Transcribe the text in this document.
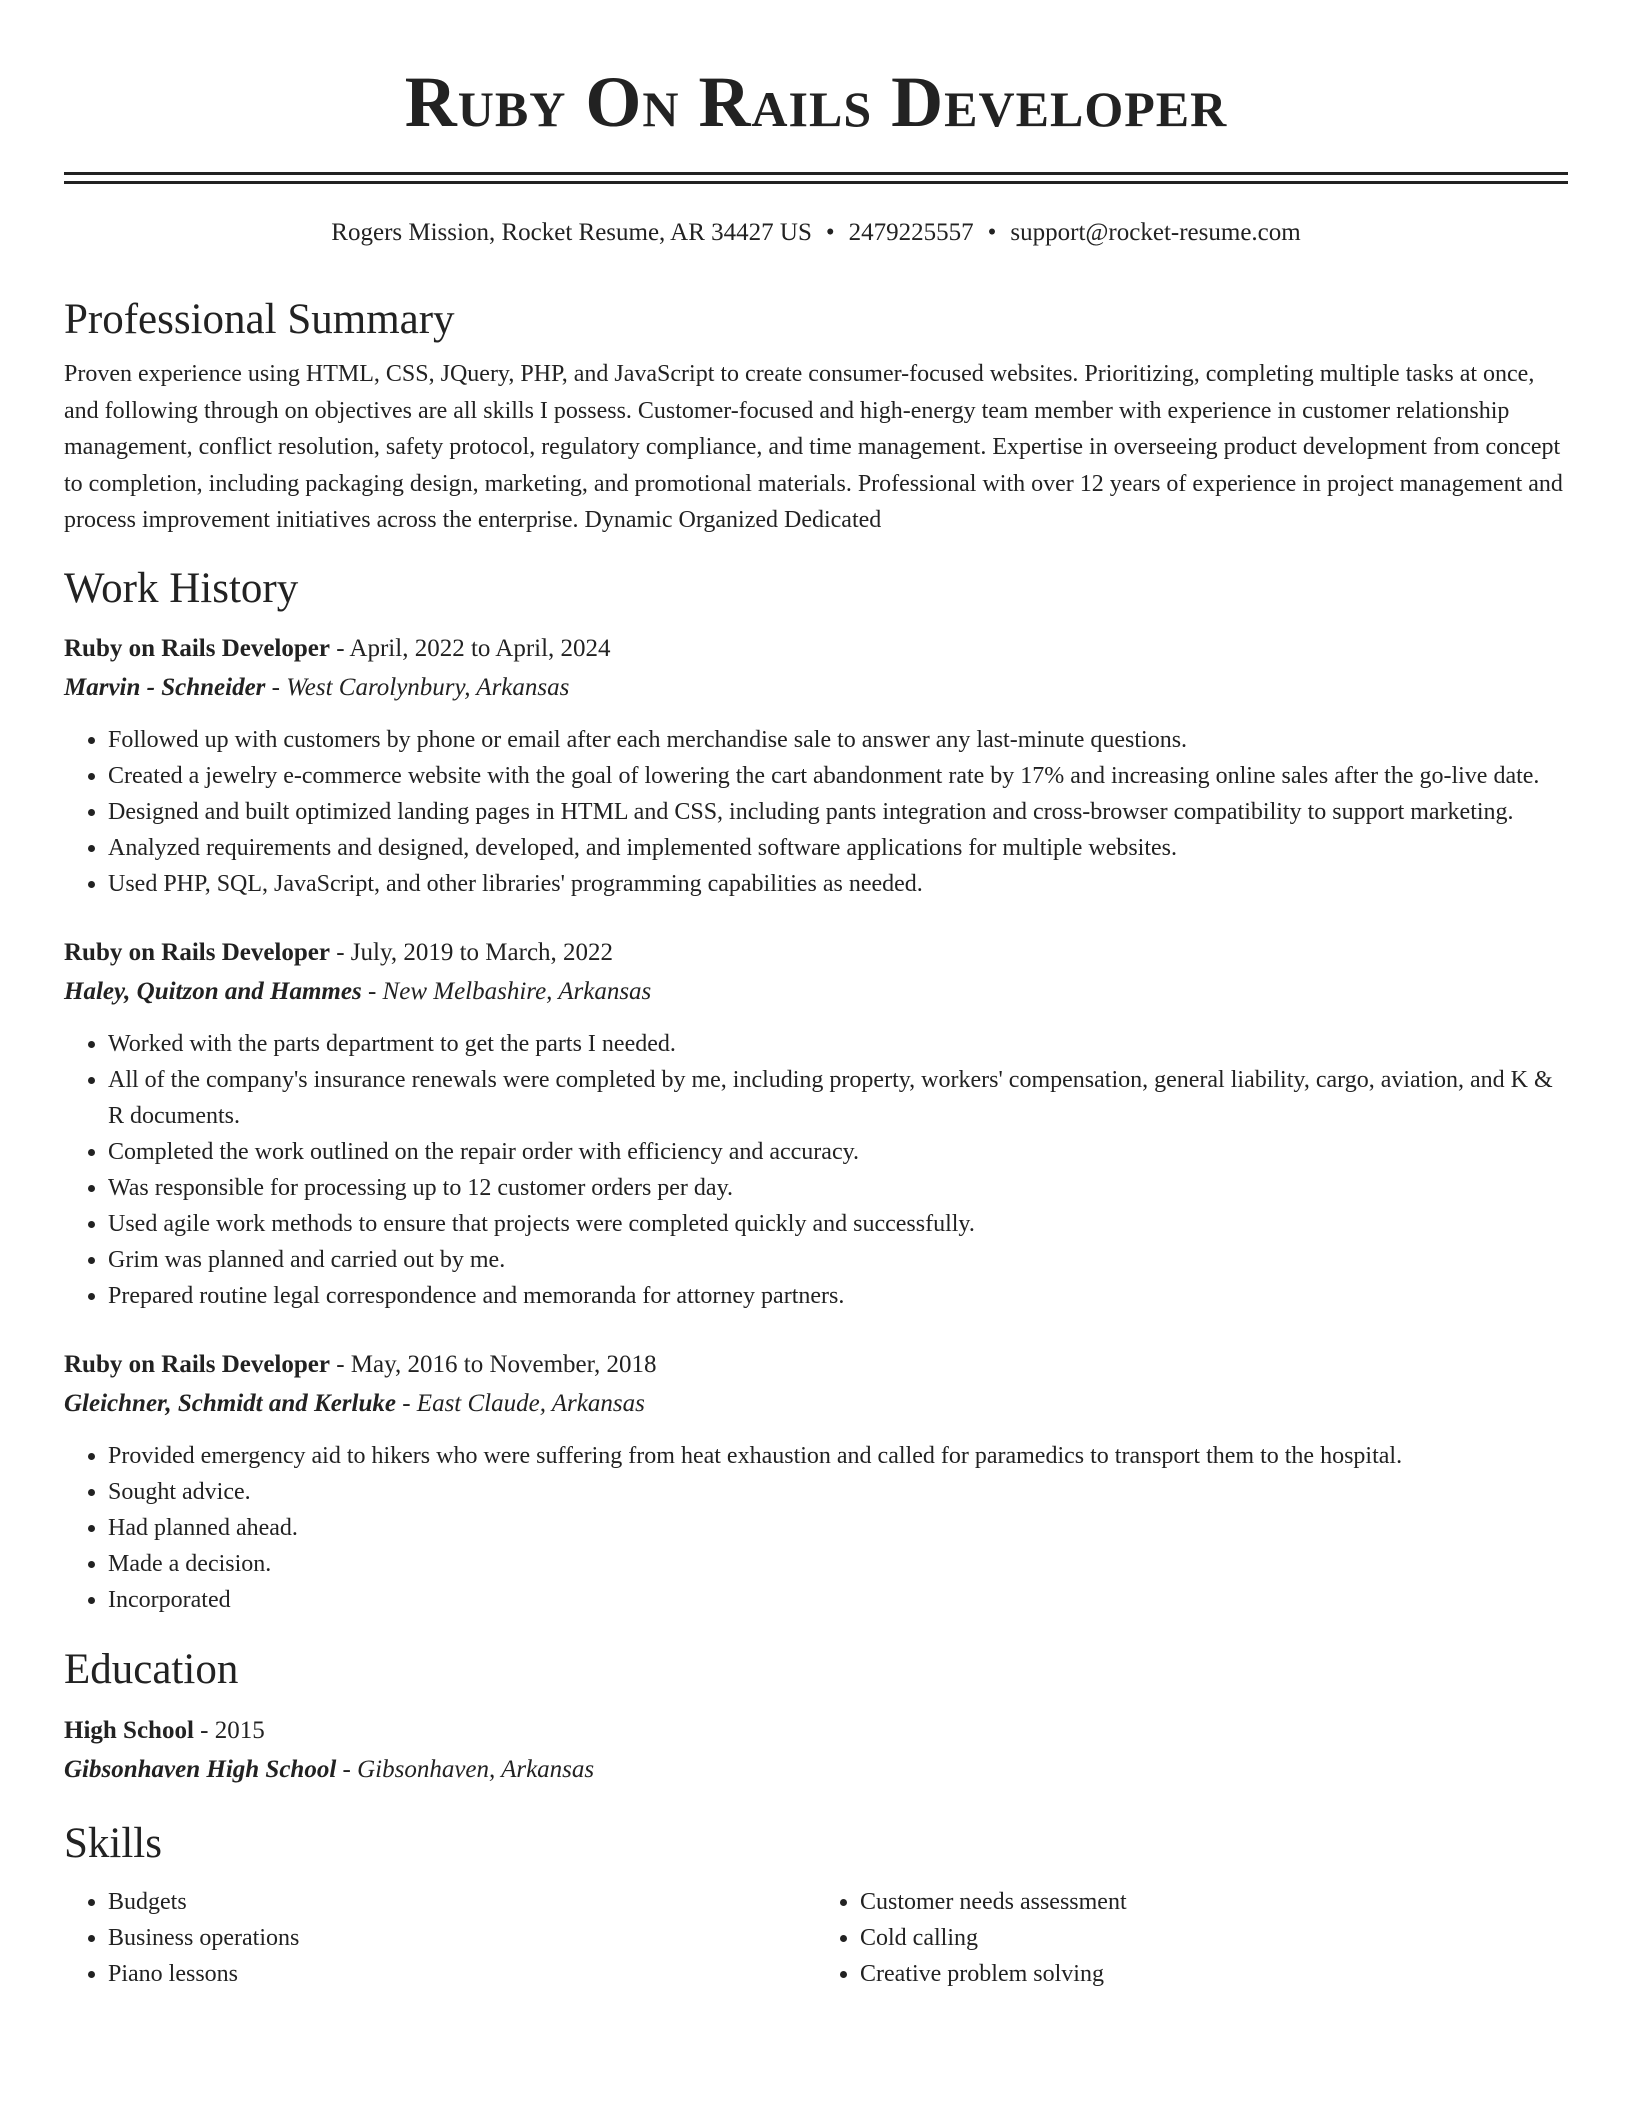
Ruby On Rails Developer
Rogers Mission, Rocket Resume, AR 34427 US • 2479225557 • support@rocket-resume.com
Professional Summary

Proven experience using HTML, CSS, JQuery, PHP, and JavaScript to create consumer-focused websites. Prioritizing, completing multiple tasks at once, and following through on objectives are all skills I possess. Customer-focused and high-energy team member with experience in customer relationship management, conflict resolution, safety protocol, regulatory compliance, and time management. Expertise in overseeing product development from concept to completion, including packaging design, marketing, and promotional materials. Professional with over 12 years of experience in project management and process improvement initiatives across the enterprise. Dynamic Organized Dedicated

Work History
Ruby on Rails Developer - April, 2022 to April, 2024
Marvin - Schneider - West Carolynbury, Arkansas
• Followed up with customers by phone or email after each merchandise sale to answer any last-minute questions.
• Created a jewelry e-commerce website with the goal of lowering the cart abandonment rate by 17% and increasing online sales after the go-live date.
• Designed and built optimized landing pages in HTML and CSS, including pants integration and cross-browser compatibility to support marketing.
• Analyzed requirements and designed, developed, and implemented software applications for multiple websites.
• Used PHP, SQL, JavaScript, and other libraries' programming capabilities as needed.
Ruby on Rails Developer - July, 2019 to March, 2022
Haley, Quitzon and Hammes - New Melbashire, Arkansas
• Worked with the parts department to get the parts I needed.
• All of the company's insurance renewals were completed by me, including property, workers' compensation, general liability, cargo, aviation, and K & R documents.
• Completed the work outlined on the repair order with efficiency and accuracy.
• Was responsible for processing up to 12 customer orders per day.
• Used agile work methods to ensure that projects were completed quickly and successfully.
• Grim was planned and carried out by me.
• Prepared routine legal correspondence and memoranda for attorney partners.
Ruby on Rails Developer - May, 2016 to November, 2018
Gleichner, Schmidt and Kerluke - East Claude, Arkansas
• Provided emergency aid to hikers who were suffering from heat exhaustion and called for paramedics to transport them to the hospital.
• Sought advice.
• Had planned ahead.
• Made a decision.
• Incorporated
Education
High School - 2015
Gibsonhaven High School - Gibsonhaven, Arkansas
Skills
• Budgets
• Business operations
• Piano lessons
• Customer needs assessment
• Cold calling
• Creative problem solving
